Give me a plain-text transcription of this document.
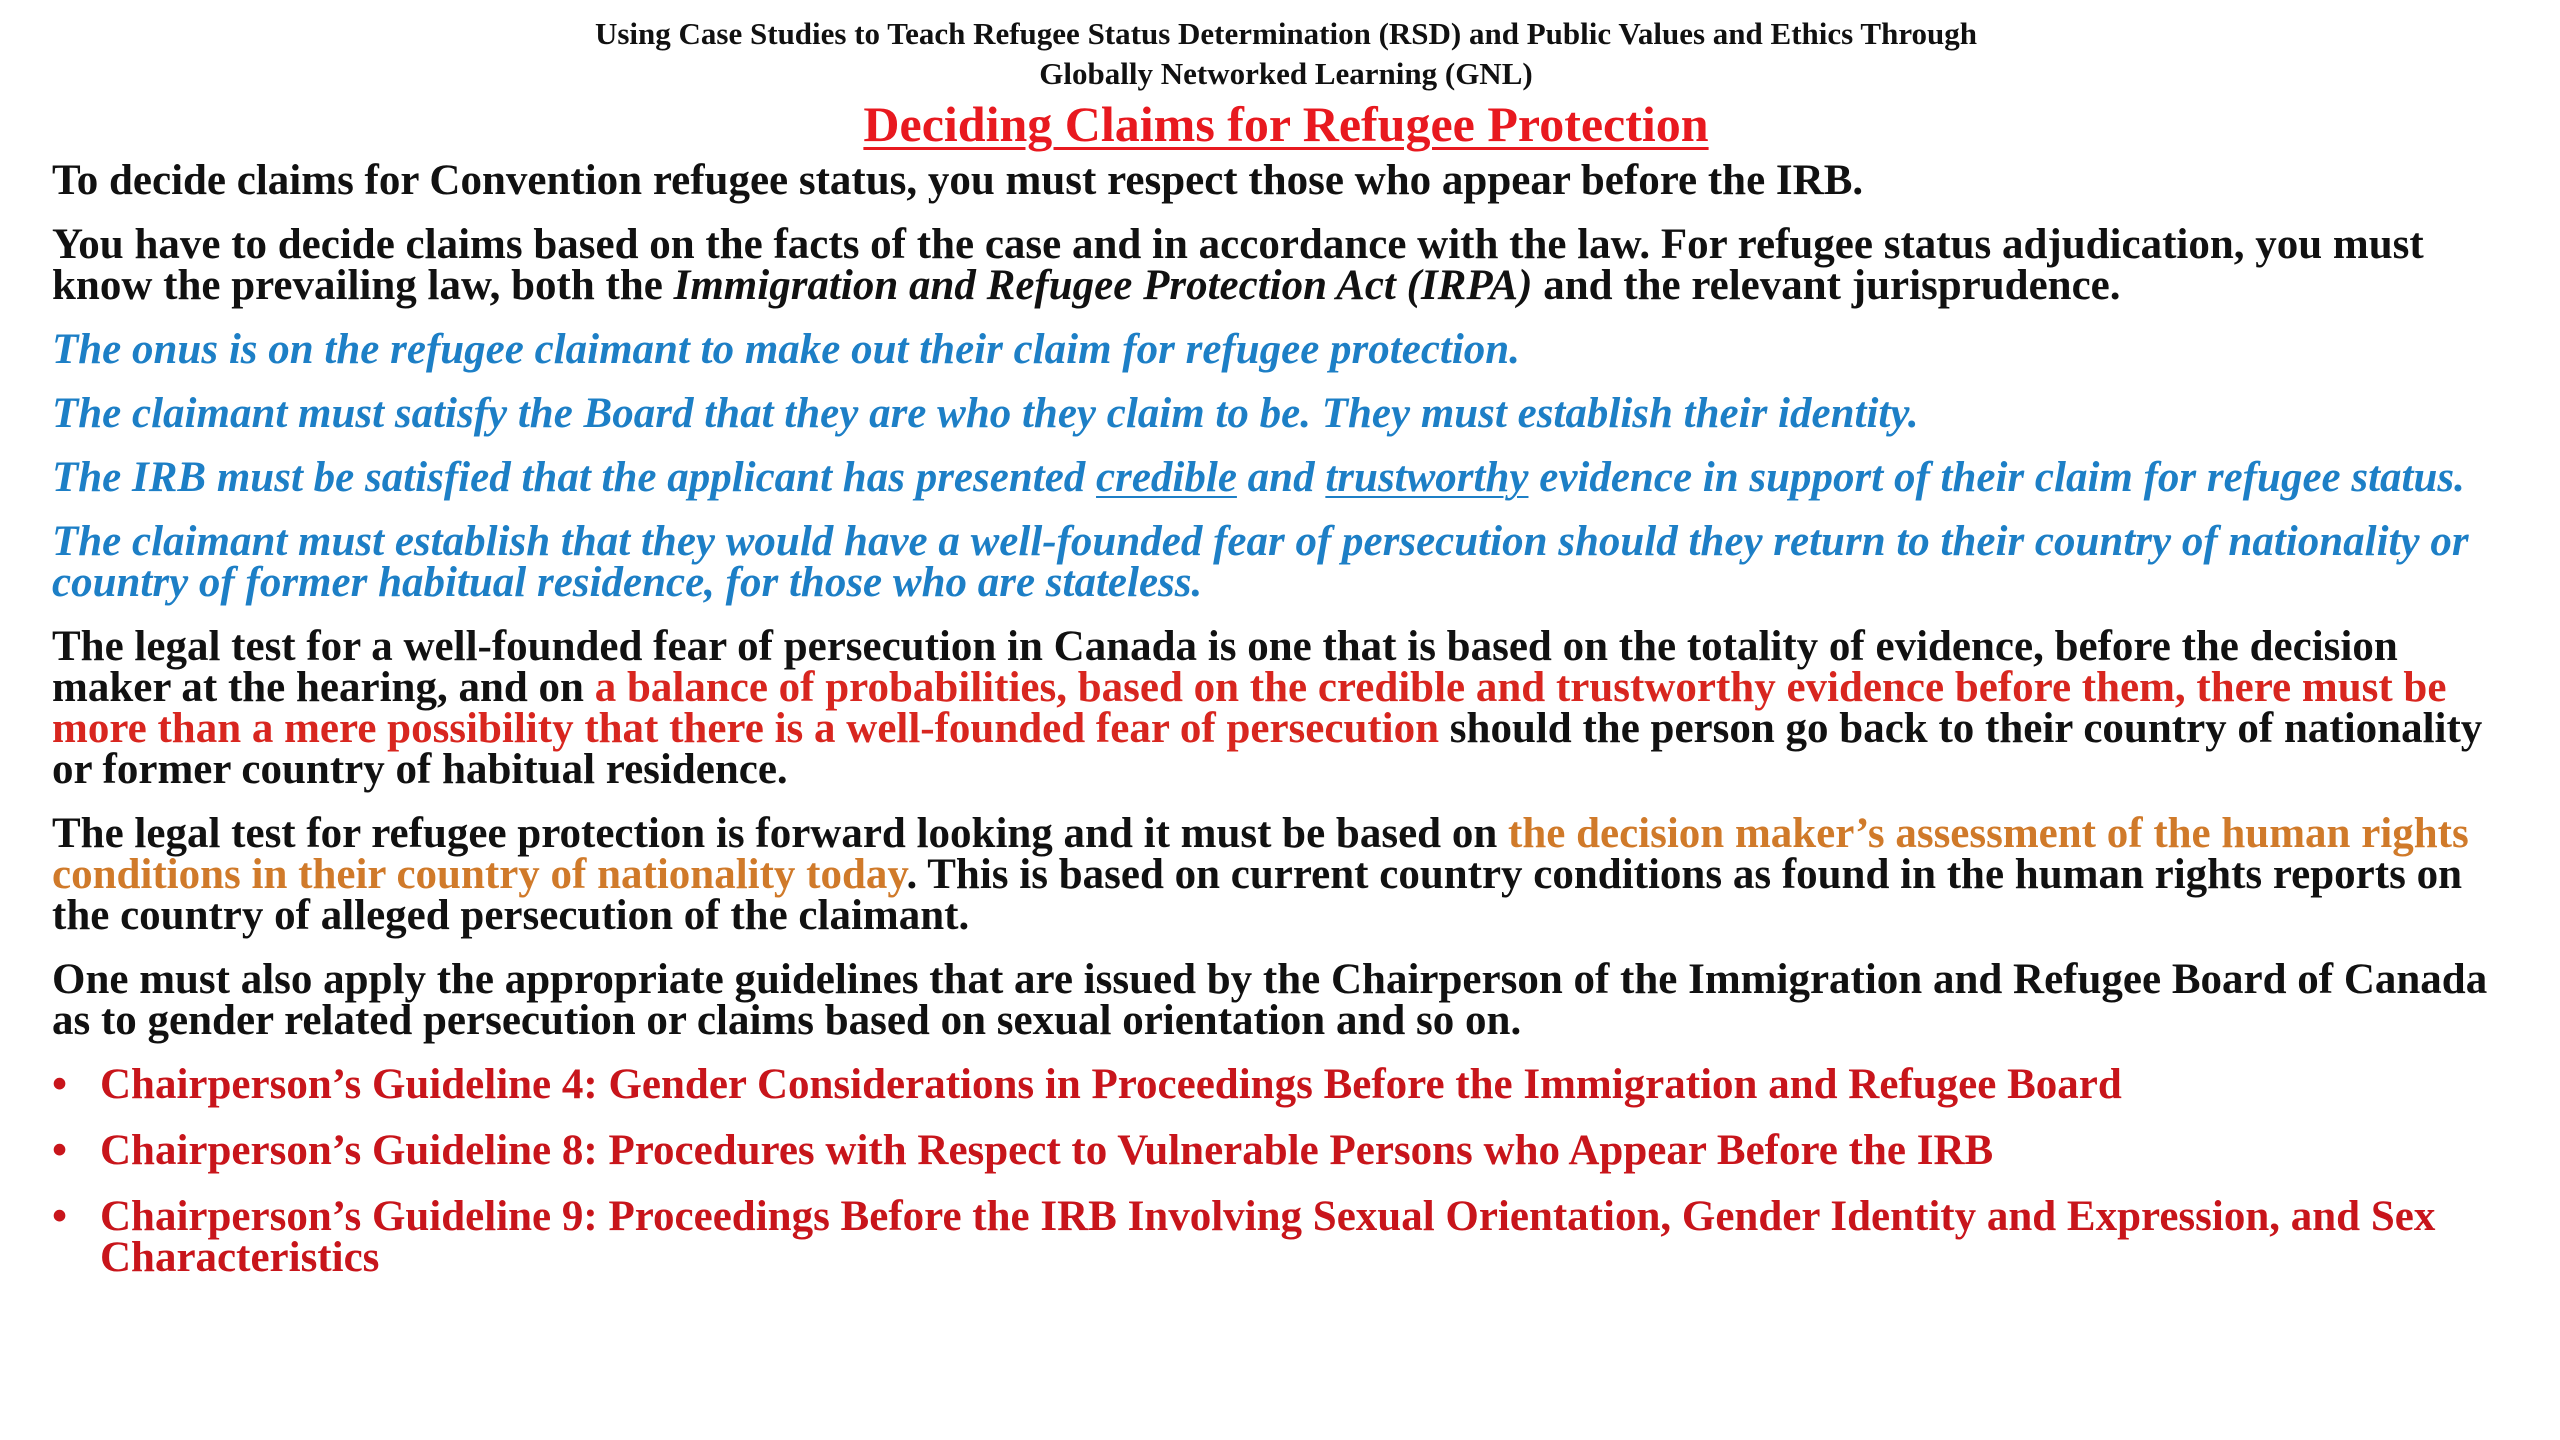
Using Case Studies to Teach Refugee Status Determination (RSD) and Public Values and Ethics Through
Globally Networked Learning (GNL)
Deciding Claims for Refugee Protection

To decide claims for Convention refugee status, you must respect those who appear before the IRB.

You have to decide claims based on the facts of the case and in accordance with the law. For refugee status adjudication, you must know the prevailing law, both the Immigration and Refugee Protection Act (IRPA) and the relevant jurisprudence.

The onus is on the refugee claimant to make out their claim for refugee protection.

The claimant must satisfy the Board that they are who they claim to be. They must establish their identity.

The IRB must be satisfied that the applicant has presented credible and trustworthy evidence in support of their claim for refugee status.

The claimant must establish that they would have a well-founded fear of persecution should they return to their country of nationality or country of former habitual residence, for those who are stateless.

The legal test for a well-founded fear of persecution in Canada is one that is based on the totality of evidence, before the decision maker at the hearing, and on a balance of probabilities, based on the credible and trustworthy evidence before them, there must be more than a mere possibility that there is a well-founded fear of persecution should the person go back to their country of nationality or former country of habitual residence.

The legal test for refugee protection is forward looking and it must be based on the decision maker’s assessment of the human rights conditions in their country of nationality today. This is based on current country conditions as found in the human rights reports on the country of alleged persecution of the claimant.

One must also apply the appropriate guidelines that are issued by the Chairperson of the Immigration and Refugee Board of Canada as to gender related persecution or claims based on sexual orientation and so on.

• Chairperson’s Guideline 4: Gender Considerations in Proceedings Before the Immigration and Refugee Board
• Chairperson’s Guideline 8: Procedures with Respect to Vulnerable Persons who Appear Before the IRB
• Chairperson’s Guideline 9: Proceedings Before the IRB Involving Sexual Orientation, Gender Identity and Expression, and Sex Characteristics
